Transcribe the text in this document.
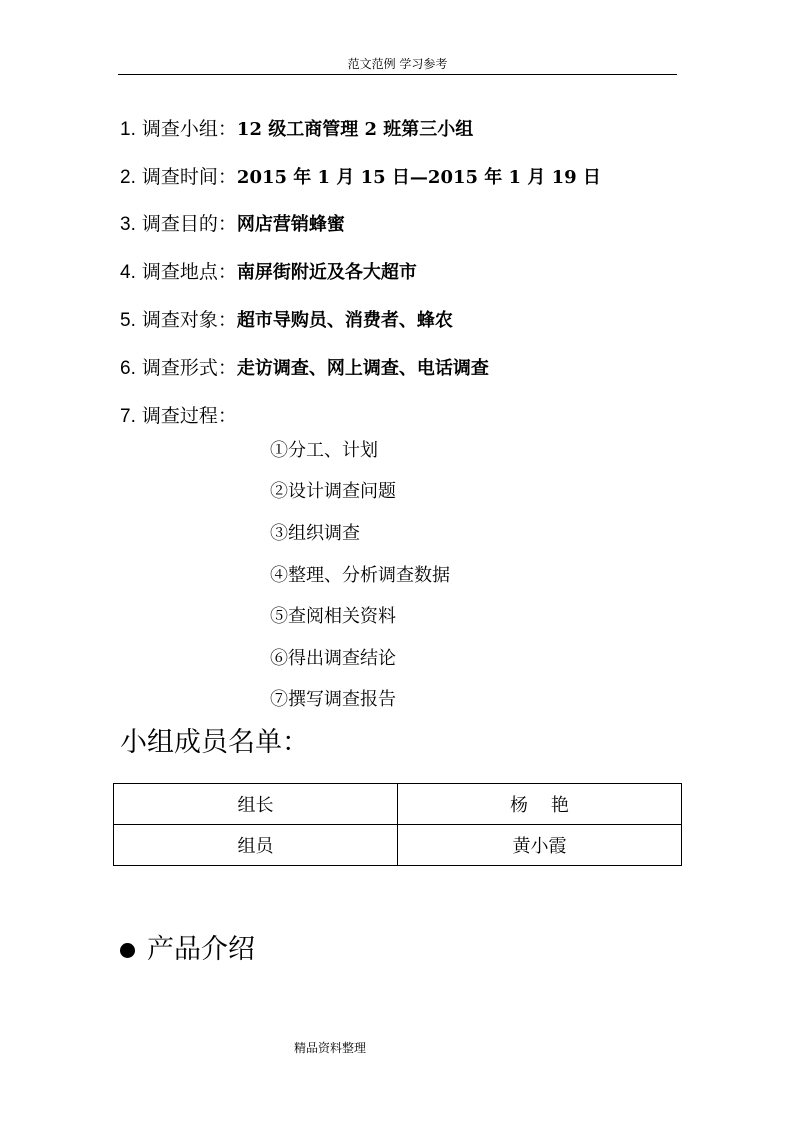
范文范例 学习参考
1. 调查小组：12 级工商管理 2 班第三小组
2. 调查时间：2015 年 1 月 15 日—2015 年 1 月 19 日
3. 调查目的：网店营销蜂蜜
4. 调查地点：南屏街附近及各大超市
5. 调查对象：超市导购员、消费者、蜂农
6. 调查形式：走访调查、网上调查、电话调查
7. 调查过程：
①分工、计划
②设计调查问题
③组织调查
④整理、分析调查数据
⑤查阅相关资料
⑥得出调查结论
⑦撰写调查报告
小组成员名单：
组长	杨    艳
组员	黄小霞
产品介绍
精品资料整理
